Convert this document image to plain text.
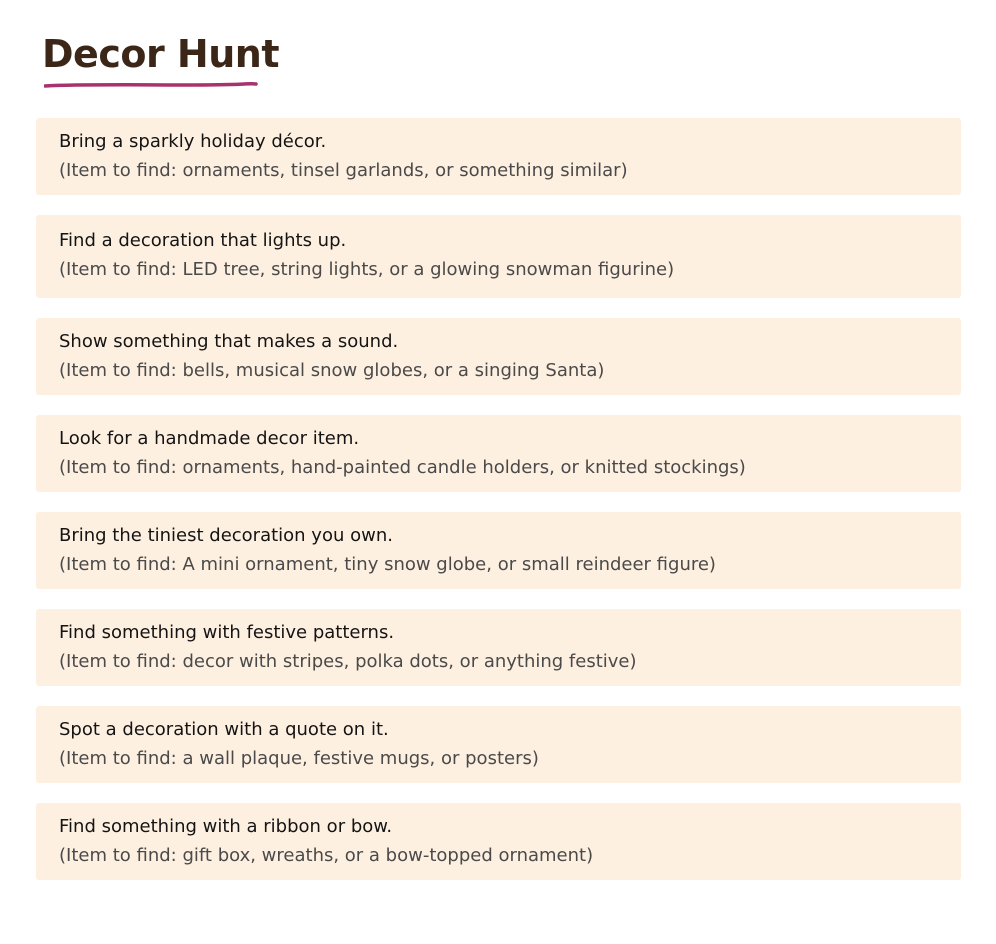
Decor Hunt

Bring a sparkly holiday décor.

(Item to find: ornaments, tinsel garlands, or something similar)

Find a decoration that lights up.

(Item to find: LED tree, string lights, or a glowing snowman figurine)

Show something that makes a sound.

(Item to find: bells, musical snow globes, or a singing Santa)

Look for a handmade decor item.

(Item to find: ornaments, hand-painted candle holders, or knitted stockings)

Bring the tiniest decoration you own.

(Item to find: A mini ornament, tiny snow globe, or small reindeer figure)

Find something with festive patterns.

(Item to find: decor with stripes, polka dots, or anything festive)

Spot a decoration with a quote on it.

(Item to find: a wall plaque, festive mugs, or posters)

Find something with a ribbon or bow.

(Item to find: gift box, wreaths, or a bow-topped ornament)
